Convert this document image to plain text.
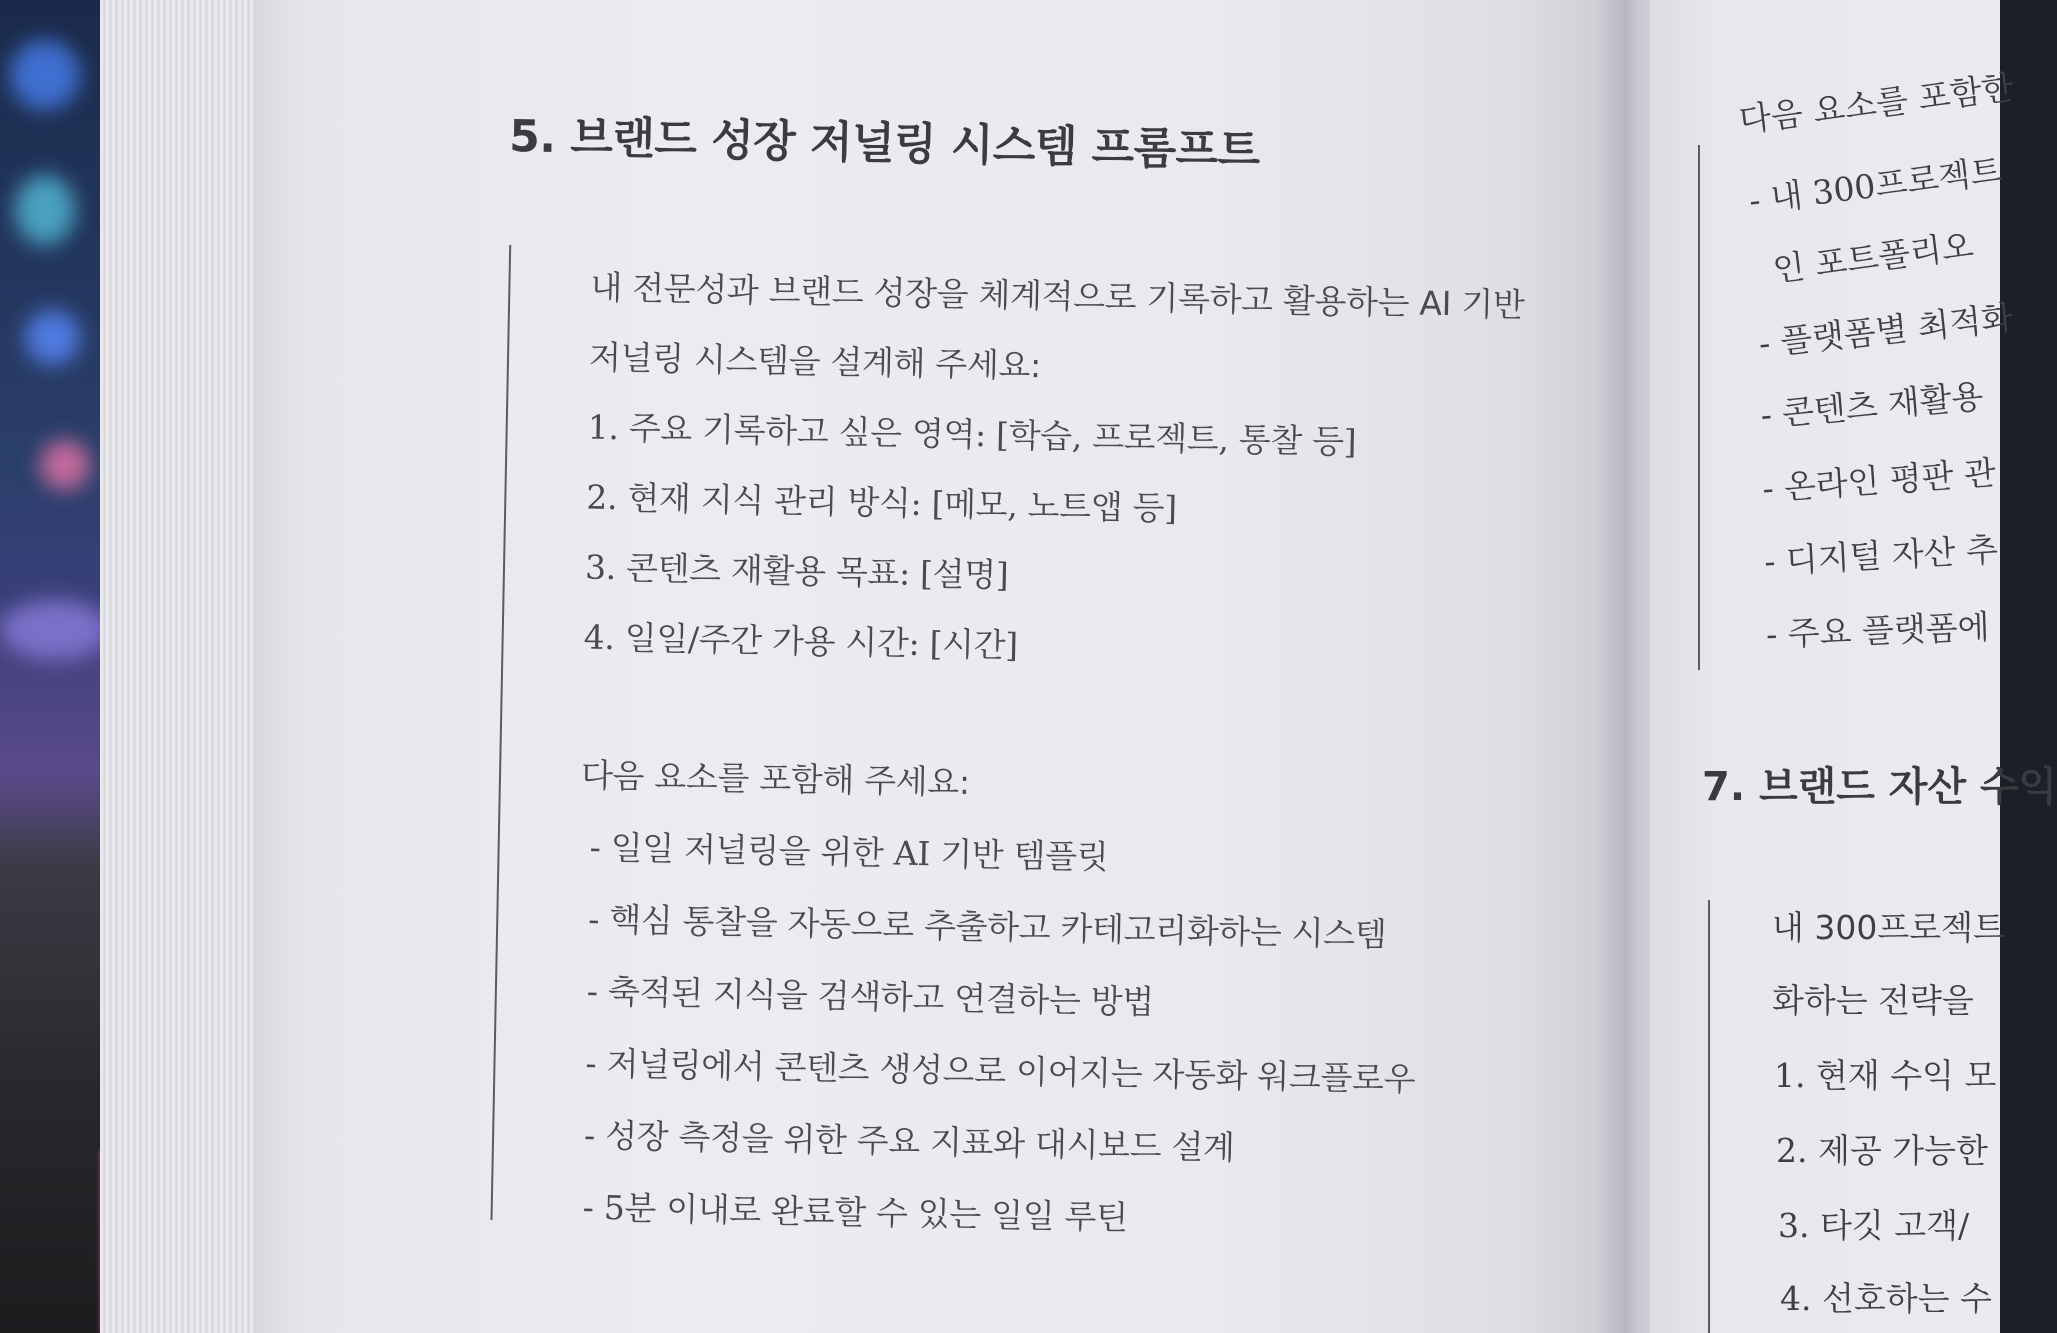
5. 브랜드 성장 저널링 시스템 프롬프트
내 전문성과 브랜드 성장을 체계적으로 기록하고 활용하는 AI 기반
저널링 시스템을 설계해 주세요:
1. 주요 기록하고 싶은 영역: [학습, 프로젝트, 통찰 등]
2. 현재 지식 관리 방식: [메모, 노트앱 등]
3. 콘텐츠 재활용 목표: [설명]
4. 일일/주간 가용 시간: [시간]
다음 요소를 포함해 주세요:
- 일일 저널링을 위한 AI 기반 템플릿
- 핵심 통찰을 자동으로 추출하고 카테고리화하는 시스템
- 축적된 지식을 검색하고 연결하는 방법
- 저널링에서 콘텐츠 생성으로 이어지는 자동화 워크플로우
- 성장 측정을 위한 주요 지표와 대시보드 설계
- 5분 이내로 완료할 수 있는 일일 루틴
다음 요소를 포함한
- 내 300프로젝트
인 포트폴리오
- 플랫폼별 최적화
- 콘텐츠 재활용
- 온라인 평판 관
- 디지털 자산 추
- 주요 플랫폼에
7. 브랜드 자산 수익
내 300프로젝트
화하는 전략을
1. 현재 수익 모
2. 제공 가능한
3. 타깃 고객/
4. 선호하는 수
